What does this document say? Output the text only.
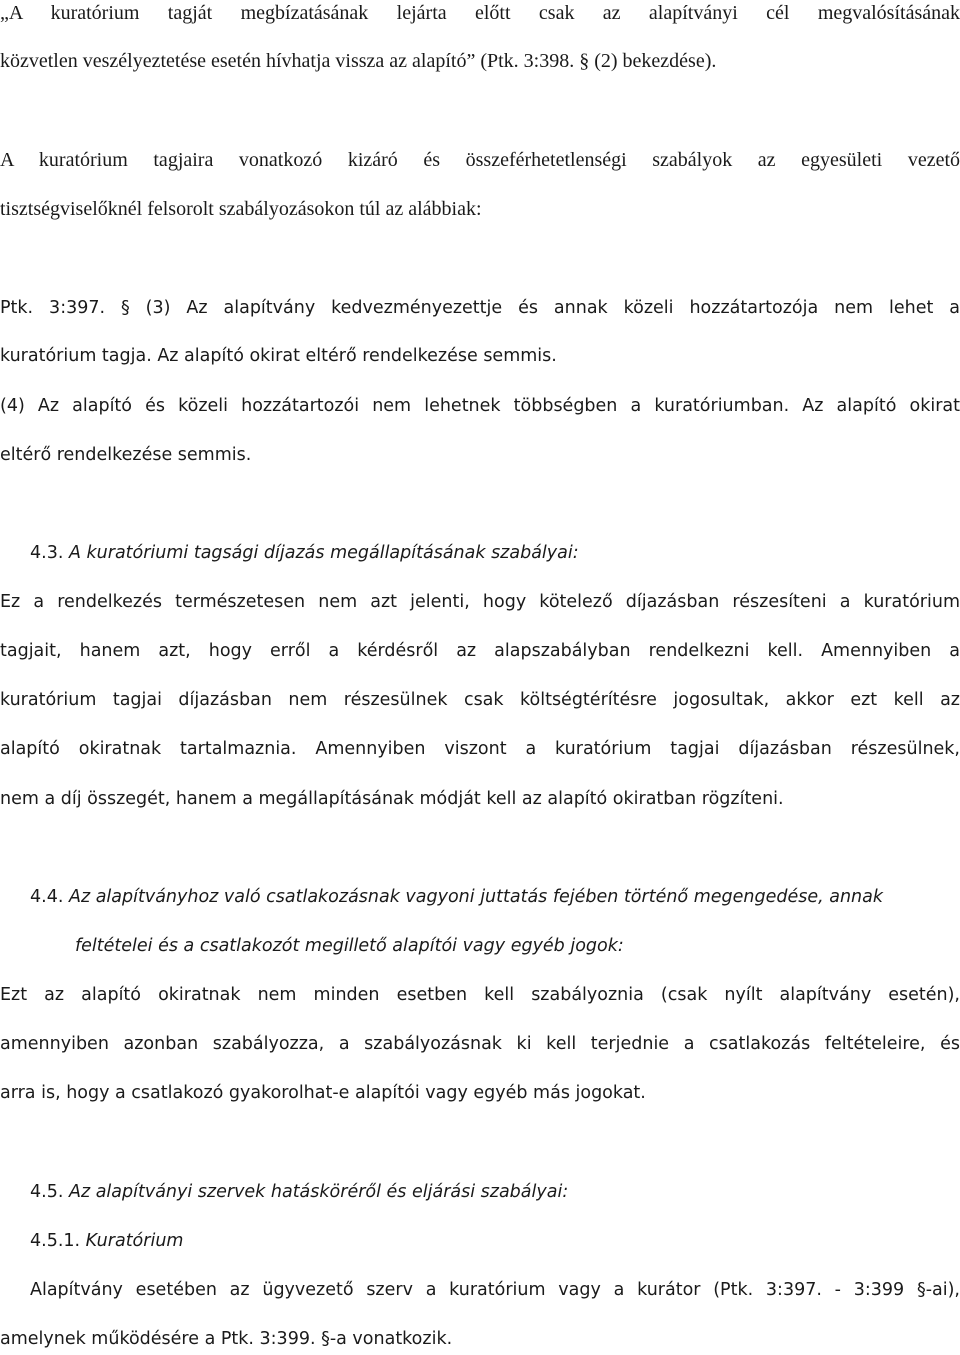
„A kuratórium tagját megbízatásának lejárta előtt csak az alapítványi cél megvalósításának
közvetlen veszélyeztetése esetén hívhatja vissza az alapító” (Ptk. 3:398. § (2) bekezdése).
A kuratórium tagjaira vonatkozó kizáró és összeférhetetlenségi szabályok az egyesületi vezető
tisztségviselőknél felsorolt szabályozásokon túl az alábbiak:
Ptk. 3:397. § (3) Az alapítvány kedvezményezettje és annak közeli hozzátartozója nem lehet a
kuratórium tagja. Az alapító okirat eltérő rendelkezése semmis.
(4) Az alapító és közeli hozzátartozói nem lehetnek többségben a kuratóriumban. Az alapító okirat
eltérő rendelkezése semmis.
4.3. A kuratóriumi tagsági díjazás megállapításának szabályai:
Ez a rendelkezés természetesen nem azt jelenti, hogy kötelező díjazásban részesíteni a kuratórium
tagjait, hanem azt, hogy erről a kérdésről az alapszabályban rendelkezni kell. Amennyiben a
kuratórium tagjai díjazásban nem részesülnek csak költségtérítésre jogosultak, akkor ezt kell az
alapító okiratnak tartalmaznia. Amennyiben viszont a kuratórium tagjai díjazásban részesülnek,
nem a díj összegét, hanem a megállapításának módját kell az alapító okiratban rögzíteni.
4.4. Az alapítványhoz való csatlakozásnak vagyoni juttatás fejében történő megengedése, annak
feltételei és a csatlakozót megillető alapítói vagy egyéb jogok:
Ezt az alapító okiratnak nem minden esetben kell szabályoznia (csak nyílt alapítvány esetén),
amennyiben azonban szabályozza, a szabályozásnak ki kell terjednie a csatlakozás feltételeire, és
arra is, hogy a csatlakozó gyakorolhat-e alapítói vagy egyéb más jogokat.
4.5. Az alapítványi szervek hatásköréről és eljárási szabályai:
4.5.1. Kuratórium
Alapítvány esetében az ügyvezető szerv a kuratórium vagy a kurátor (Ptk. 3:397. - 3:399 §-ai),
amelynek működésére a Ptk. 3:399. §-a vonatkozik.
